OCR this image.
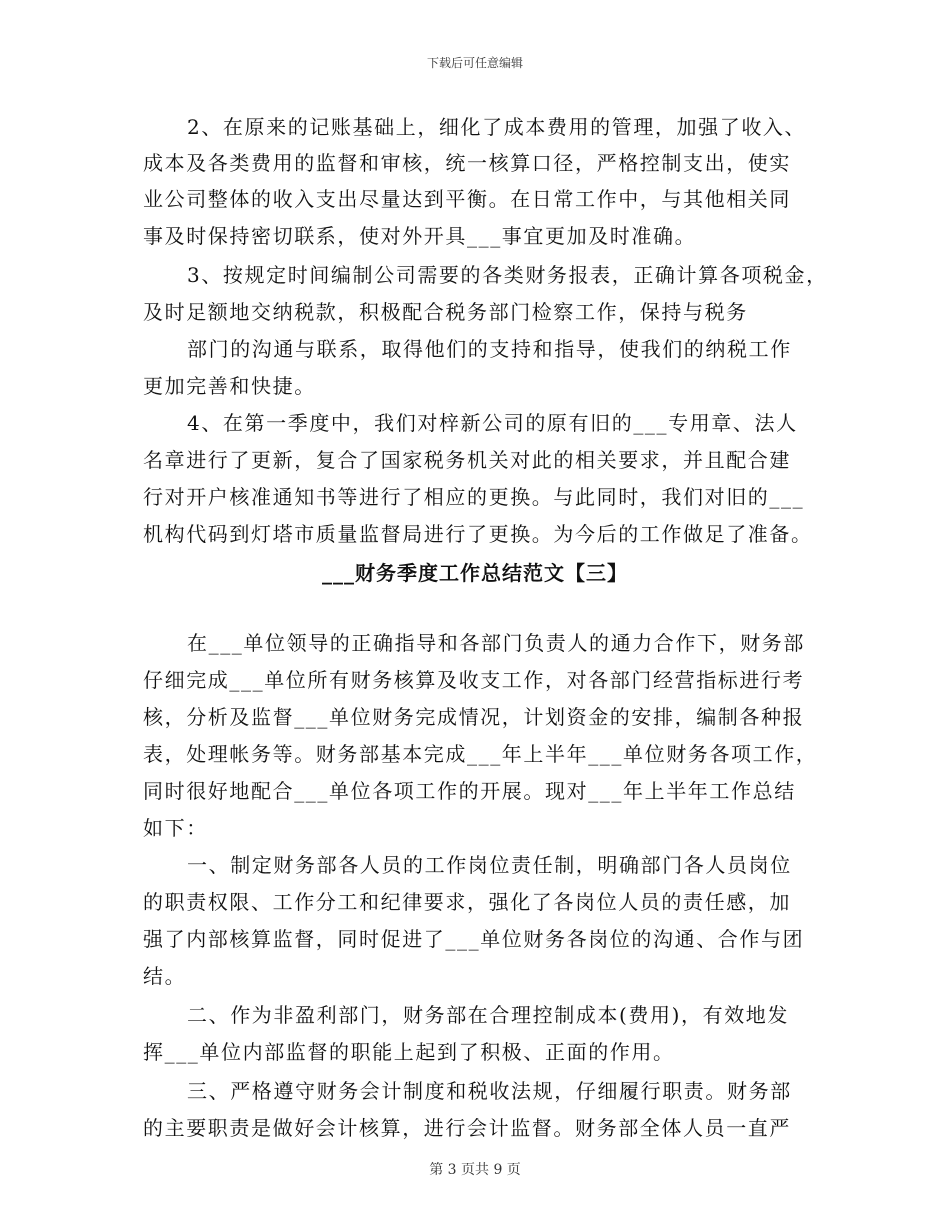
下载后可任意编辑
2、在原来的记账基础上，细化了成本费用的管理，加强了收入、
成本及各类费用的监督和审核，统一核算口径，严格控制支出，使实
业公司整体的收入支出尽量达到平衡。在日常工作中，与其他相关同
事及时保持密切联系，使对外开具___事宜更加及时准确。
3、按规定时间编制公司需要的各类财务报表，正确计算各项税金，
及时足额地交纳税款，积极配合税务部门检察工作，保持与税务
部门的沟通与联系，取得他们的支持和指导，使我们的纳税工作
更加完善和快捷。
4、在第一季度中，我们对梓新公司的原有旧的___专用章、法人
名章进行了更新，复合了国家税务机关对此的相关要求，并且配合建
行对开户核准通知书等进行了相应的更换。与此同时，我们对旧的___
机构代码到灯塔市质量监督局进行了更换。为今后的工作做足了准备。
___财务季度工作总结范文【三】
在___单位领导的正确指导和各部门负责人的通力合作下，财务部
仔细完成___单位所有财务核算及收支工作，对各部门经营指标进行考
核，分析及监督___单位财务完成情况，计划资金的安排，编制各种报
表，处理帐务等。财务部基本完成___年上半年___单位财务各项工作，
同时很好地配合___单位各项工作的开展。现对___年上半年工作总结
如下：
一、制定财务部各人员的工作岗位责任制，明确部门各人员岗位
的职责权限、工作分工和纪律要求，强化了各岗位人员的责任感，加
强了内部核算监督，同时促进了___单位财务各岗位的沟通、合作与团
结。
二、作为非盈利部门，财务部在合理控制成本(费用)，有效地发
挥___单位内部监督的职能上起到了积极、正面的作用。
三、严格遵守财务会计制度和税收法规，仔细履行职责。财务部
的主要职责是做好会计核算，进行会计监督。财务部全体人员一直严
第 3 页共 9 页
